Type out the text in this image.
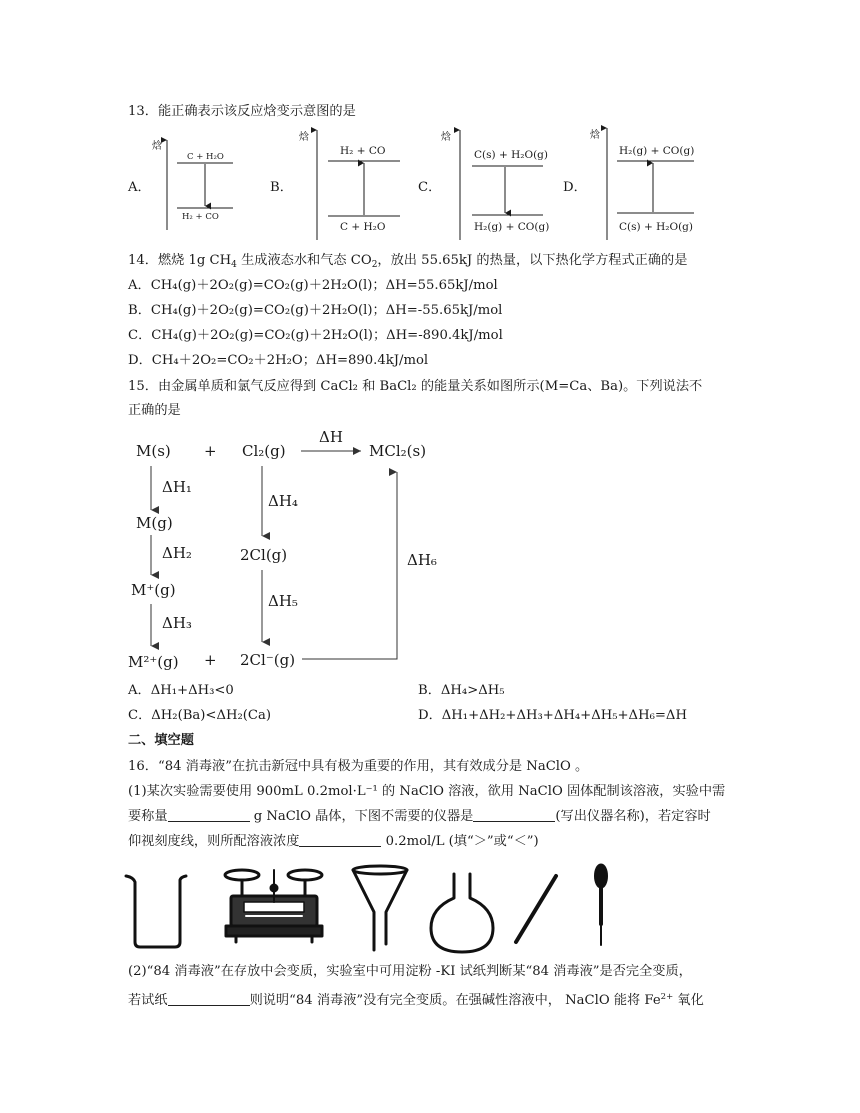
13．能正确表示该反应焓变示意图的是
A．	B．	C．	D．
焓
C + H₂O
H₂ + CO
焓
H₂ + CO
C + H₂O
焓
C(s) + H₂O(g)
H₂(g) + CO(g)
焓
H₂(g) + CO(g)
C(s) + H₂O(g)
14．燃烧 1g $CH_4$ 生成液态水和气态 $CO_2$，放出 55.65kJ 的热量，以下热化学方程式正确的是
A．CH₄(g)＋2O₂(g)=CO₂(g)＋2H₂O(l)；ΔH=55.65kJ/mol
B．CH₄(g)＋2O₂(g)=CO₂(g)＋2H₂O(l)；ΔH=-55.65kJ/mol
C．CH₄(g)＋2O₂(g)=CO₂(g)＋2H₂O(l)；ΔH=-890.4kJ/mol
D．CH₄＋2O₂=CO₂＋2H₂O；ΔH=890.4kJ/mol
15．由金属单质和氯气反应得到 CaCl₂ 和 BaCl₂ 的能量关系如图所示(M=Ca、Ba)。下列说法不
正确的是
M(s) + Cl₂(g)
ΔH
MCl₂(s)
ΔH₁
M(g)
ΔH₄
ΔH₂	2Cl(g)	ΔH₆
M⁺(g)
ΔH₅
ΔH₃
M²⁺(g) + 2Cl⁻(g)
A．ΔH₁+ΔH₃<0	B．ΔH₄>ΔH₅
C．ΔH₂(Ba)<ΔH₂(Ca)	D．ΔH₁+ΔH₂+ΔH₃+ΔH₄+ΔH₅+ΔH₆=ΔH
二、填空题
16．“84 消毒液”在抗击新冠中具有极为重要的作用，其有效成分是 NaClO 。
(1)某次实验需要使用 900mL 0.2mol·L⁻¹ 的 NaClO 溶液，欲用 NaClO 固体配制该溶液，实验中需
要称量	g NaClO 晶体，下图不需要的仪器是	(写出仪器名称)，若定容时
仰视刻度线，则所配溶液浓度	0.2mol/L (填“＞”或“＜”)
(2)“84 消毒液”在存放中会变质，实验室中可用淀粉 -KI 试纸判断某“84 消毒液”是否完全变质，
若试纸	则说明“84 消毒液”没有完全变质。在强碱性溶液中， NaClO 能将 $Fe^{2+}$ 氧化
